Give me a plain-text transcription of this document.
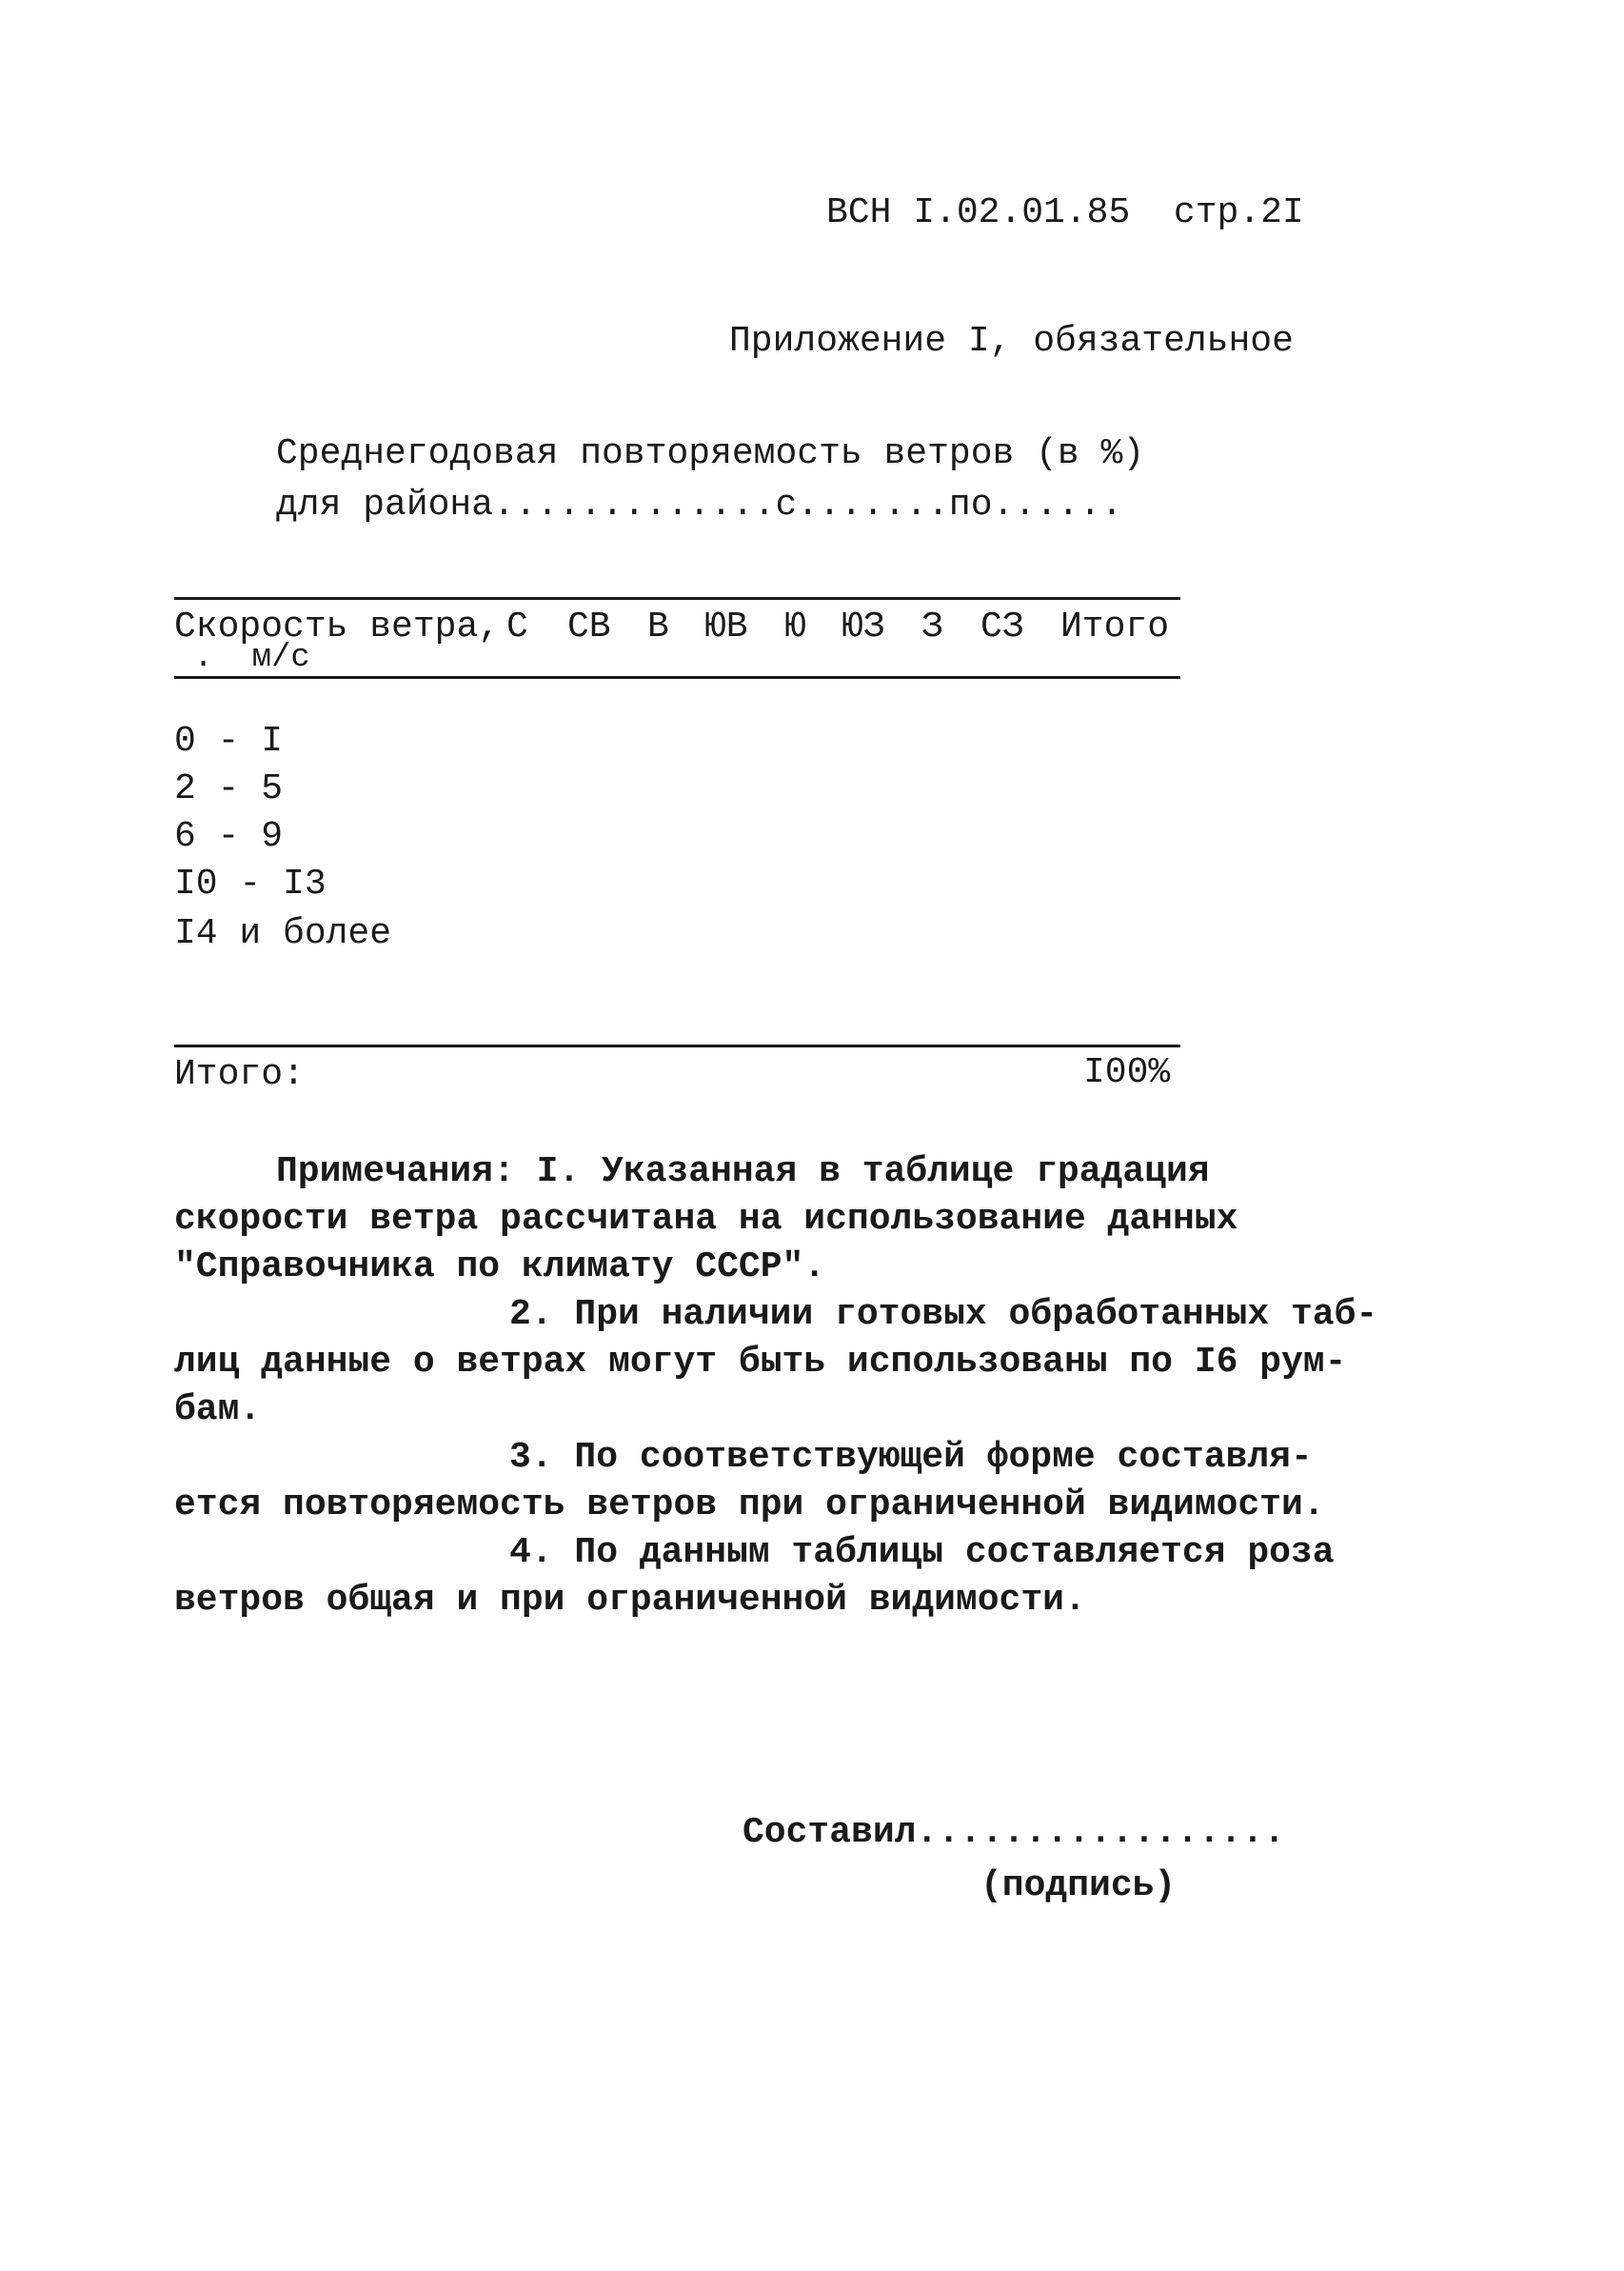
ВСН I.02.01.85  стр.2I
Приложение I, обязательное
Среднегодовая повторяемость ветров (в %)
для района.............с.......по......
Скорость ветра,
.  м/с
С СВ В ЮВ Ю ЮЗ З СЗ Итого
0 - I
2 - 5
6 - 9
I0 - I3
I4 и более
Итого:	I00%
Примечания: I. Указанная в таблице градация
скорости ветра рассчитана на использование данных
"Справочника по климату СССР".
2. При наличии готовых обработанных таб-
лиц данные о ветрах могут быть использованы по I6 рум-
бам.
3. По соответствующей форме составля-
ется повторяемость ветров при ограниченной видимости.
4. По данным таблицы составляется роза
ветров общая и при ограниченной видимости.
Составил.................
(подпись)
